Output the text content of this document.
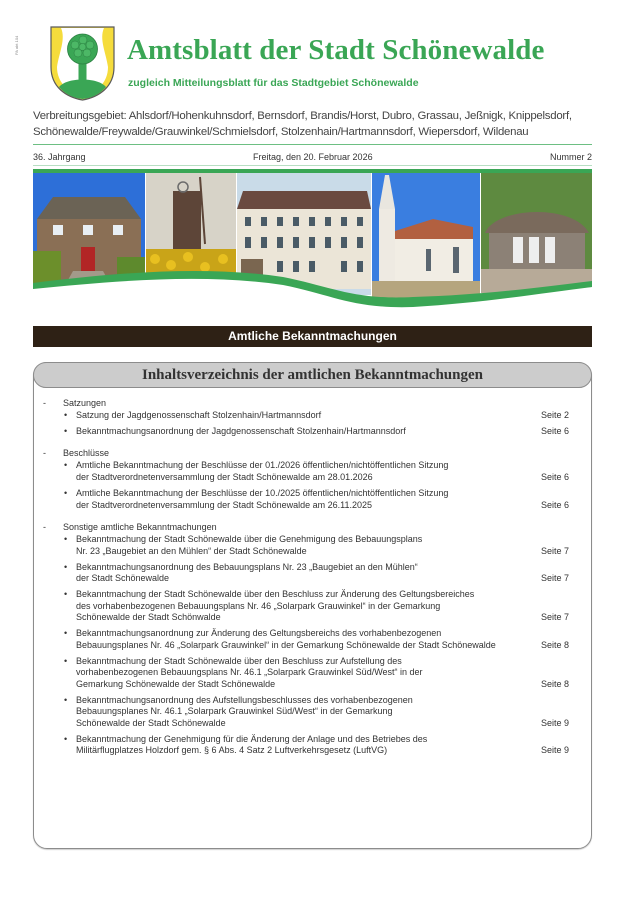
PA abt 104	Amtsblatt der Stadt Schönewalde
zugleich Mitteilungsblatt für das Stadtgebiet Schönewalde
Verbreitungsgebiet: Ahlsdorf/Hohenkuhnsdorf, Bernsdorf, Brandis/Horst, Dubro, Grassau, Jeßnigk, Knippelsdorf,
Schönewalde/Freywalde/Grauwinkel/Schmielsdorf, Stolzenhain/Hartmannsdorf, Wiepersdorf, Wildenau
36. Jahrgang	Freitag, den 20. Februar 2026	Nummer 2
Amtliche Bekanntmachungen
Inhaltsverzeichnis der amtlichen Bekanntmachungen
- Satzungen
• Satzung der Jagdgenossenschaft Stolzenhain/Hartmannsdorf	Seite 2
• Bekanntmachungsanordnung der Jagdgenossenschaft Stolzenhain/Hartmannsdorf	Seite 6
- Beschlüsse
• Amtliche Bekanntmachung der Beschlüsse der 01./2026 öffentlichen/nichtöffentlichen Sitzung
der Stadtverordnetenversammlung der Stadt Schönewalde am 28.01.2026	Seite 6
• Amtliche Bekanntmachung der Beschlüsse der 10./2025 öffentlichen/nichtöffentlichen Sitzung
der Stadtverordnetenversammlung der Stadt Schönewalde am 26.11.2025	Seite 6
- Sonstige amtliche Bekanntmachungen
• Bekanntmachung der Stadt Schönewalde über die Genehmigung des Bebauungsplans
Nr. 23 „Baugebiet an den Mühlen“ der Stadt Schönewalde	Seite 7
• Bekanntmachungsanordnung des Bebauungsplans Nr. 23 „Baugebiet an den Mühlen“
der Stadt Schönewalde	Seite 7
• Bekanntmachung der Stadt Schönewalde über den Beschluss zur Änderung des Geltungsbereiches
des vorhabenbezogenen Bebauungsplans Nr. 46 „Solarpark Grauwinkel“ in der Gemarkung
Schönewalde der Stadt Schönwalde	Seite 7
• Bekanntmachungsanordnung zur Änderung des Geltungsbereichs des vorhabenbezogenen
Bebauungsplanes Nr. 46 „Solarpark Grauwinkel“ in der Gemarkung Schönewalde der Stadt Schönewalde	Seite 8
• Bekanntmachung der Stadt Schönewalde über den Beschluss zur Aufstellung des
vorhabenbezogenen Bebauungsplans Nr. 46.1 „Solarpark Grauwinkel Süd/West“ in der
Gemarkung Schönewalde der Stadt Schönewalde	Seite 8
• Bekanntmachungsanordnung des Aufstellungsbeschlusses des vorhabenbezogenen
Bebauungsplanes Nr. 46.1 „Solarpark Grauwinkel Süd/West“ in der Gemarkung
Schönewalde der Stadt Schönewalde	Seite 9
• Bekanntmachung der Genehmigung für die Änderung der Anlage und des Betriebes des
Militärflugplatzes Holzdorf gem. § 6 Abs. 4 Satz 2 Luftverkehrsgesetz (LuftVG)	Seite 9
